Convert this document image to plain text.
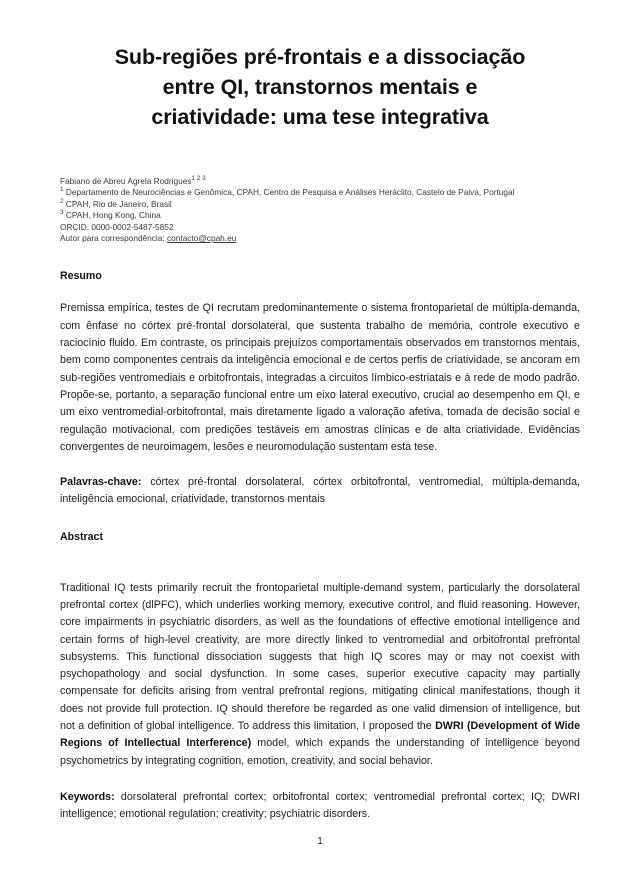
Sub-regiões pré-frontais e a dissociação
entre QI, transtornos mentais e
criatividade: uma tese integrativa
Fabiano de Abreu Agrela Rodrigues$^{1 2 3}$
$^1$ Departamento de Neurociências e Genômica, CPAH, Centro de Pesquisa e Análises Heráclito, Castelo de Paiva, Portugal
$^2$ CPAH, Rio de Janeiro, Brasil
$^3$ CPAH, Hong Kong, China
ORCID: 0000-0002-5487-5852
Autor para correspondência: contacto@cpah.eu
Resumo

Premissa empírica, testes de QI recrutam predominantemente o sistema frontoparietal de múltipla-demanda, com ênfase no córtex pré-frontal dorsolateral, que sustenta trabalho de memória, controle executivo e raciocínio fluido. Em contraste, os principais prejuízos comportamentais observados em transtornos mentais, bem como componentes centrais da inteligência emocional e de certos perfis de criatividade, se ancoram em sub-regiões ventromediais e orbitofrontais, integradas a circuitos límbico-estriatais e à rede de modo padrão. Propõe-se, portanto, a separação funcional entre um eixo lateral executivo, crucial ao desempenho em QI, e um eixo ventromedial-orbitofrontal, mais diretamente ligado a valoração afetiva, tomada de decisão social e regulação motivacional, com predições testáveis em amostras clínicas e de alta criatividade. Evidências convergentes de neuroimagem, lesões e neuromodulação sustentam esta tese.

Palavras-chave: córtex pré-frontal dorsolateral, córtex orbitofrontal, ventromedial, múltipla-demanda, inteligência emocional, criatividade, transtornos mentais

Abstract

Traditional IQ tests primarily recruit the frontoparietal multiple-demand system, particularly the dorsolateral prefrontal cortex (dlPFC), which underlies working memory, executive control, and fluid reasoning. However, core impairments in psychiatric disorders, as well as the foundations of effective emotional intelligence and certain forms of high-level creativity, are more directly linked to ventromedial and orbitofrontal prefrontal subsystems. This functional dissociation suggests that high IQ scores may or may not coexist with psychopathology and social dysfunction. In some cases, superior executive capacity may partially compensate for deficits arising from ventral prefrontal regions, mitigating clinical manifestations, though it does not provide full protection. IQ should therefore be regarded as one valid dimension of intelligence, but not a definition of global intelligence. To address this limitation, I proposed the DWRI (Development of Wide Regions of Intellectual Interference) model, which expands the understanding of intelligence beyond psychometrics by integrating cognition, emotion, creativity, and social behavior.

Keywords: dorsolateral prefrontal cortex; orbitofrontal cortex; ventromedial prefrontal cortex; IQ; DWRI intelligence; emotional regulation; creativity; psychiatric disorders.

1
